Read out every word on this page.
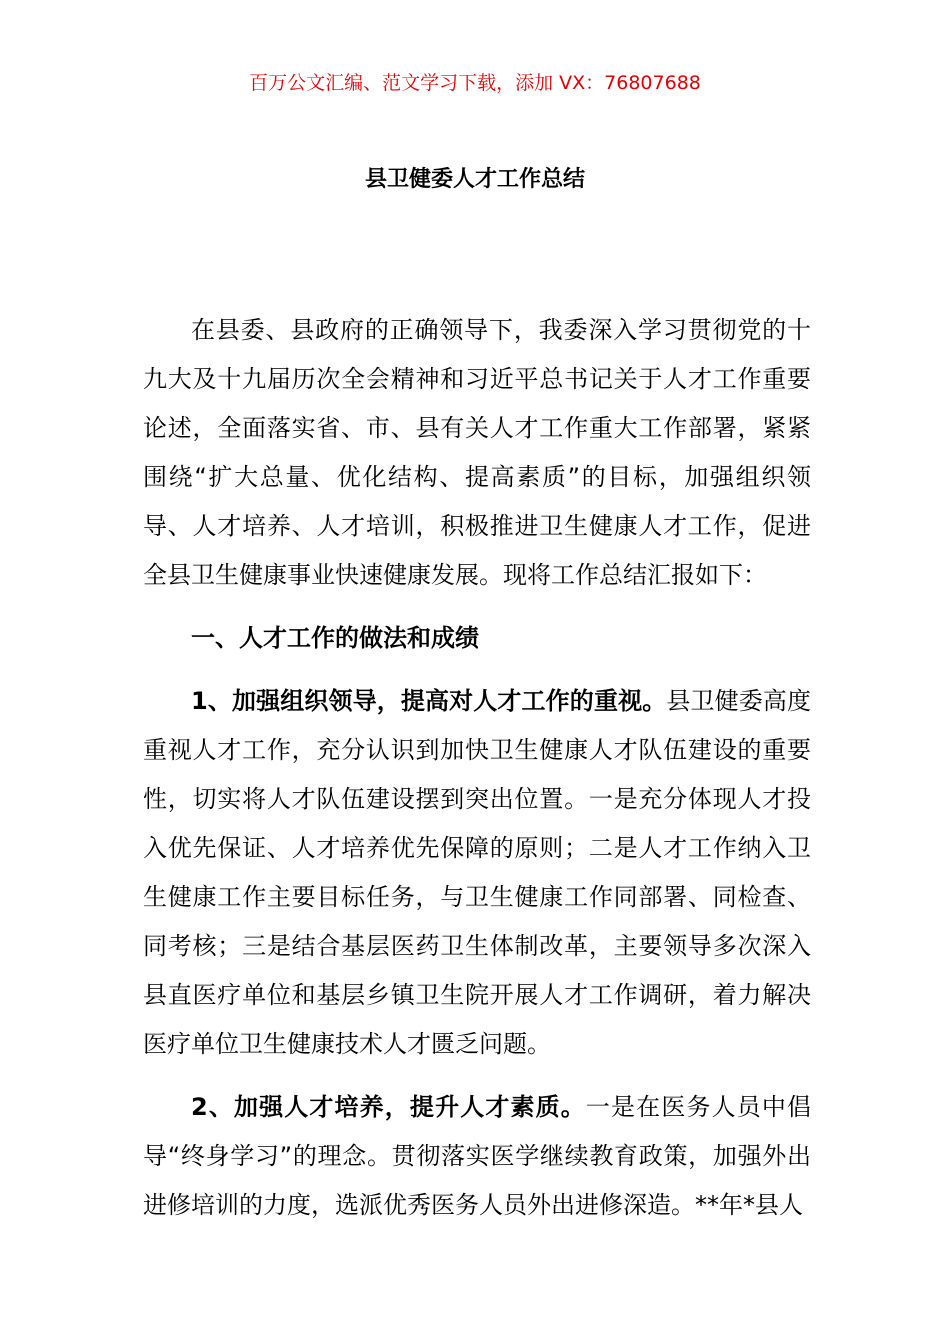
百万公文汇编、范文学习下载，添加 VX：76807688
县卫健委人才工作总结

在县委、县政府的正确领导下，我委深入学习贯彻党的十九大及十九届历次全会精神和习近平总书记关于人才工作重要论述，全面落实省、市、县有关人才工作重大工作部署，紧紧围绕“扩大总量、优化结构、提高素质”的目标，加强组织领导、人才培养、人才培训，积极推进卫生健康人才工作，促进全县卫生健康事业快速健康发展。现将工作总结汇报如下：

一、人才工作的做法和成绩

1、加强组织领导，提高对人才工作的重视。县卫健委高度重视人才工作，充分认识到加快卫生健康人才队伍建设的重要性，切实将人才队伍建设摆到突出位置。一是充分体现人才投入优先保证、人才培养优先保障的原则；二是人才工作纳入卫生健康工作主要目标任务，与卫生健康工作同部署、同检查、同考核；三是结合基层医药卫生体制改革，主要领导多次深入县直医疗单位和基层乡镇卫生院开展人才工作调研，着力解决医疗单位卫生健康技术人才匮乏问题。

2、加强人才培养，提升人才素质。一是在医务人员中倡导“终身学习”的理念。贯彻落实医学继续教育政策，加强外出进修培训的力度，选派优秀医务人员外出进修深造。**年*县人
